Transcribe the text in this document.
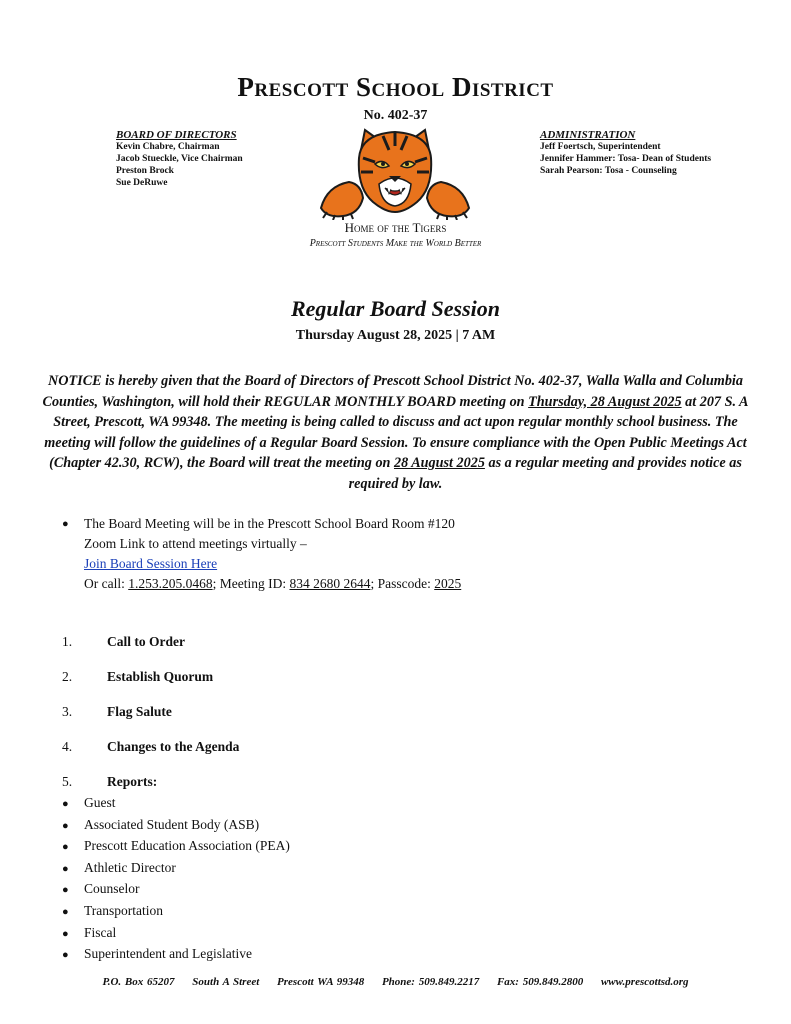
Prescott School District
No. 402-37
BOARD OF DIRECTORS
Kevin Chabre, Chairman
Jacob Stueckle, Vice Chairman
Preston Brock
Sue DeRuwe
ADMINISTRATION
Jeff Foertsch, Superintendent
Jennifer Hammer: Tosa- Dean of Students
Sarah Pearson: Tosa - Counseling
Home of the Tigers
Prescott Students Make the World Better
Regular Board Session
Thursday August 28, 2025 | 7 AM
NOTICE is hereby given that the Board of Directors of Prescott School District No. 402-37, Walla Walla and Columbia Counties, Washington, will hold their REGULAR MONTHLY BOARD meeting on Thursday, 28 August 2025 at 207 S. A Street, Prescott, WA 99348. The meeting is being called to discuss and act upon regular monthly school business. The meeting will follow the guidelines of a Regular Board Session. To ensure compliance with the Open Public Meetings Act (Chapter 42.30, RCW), the Board will treat the meeting on 28 August 2025 as a regular meeting and provides notice as required by law.
● The Board Meeting will be in the Prescott School Board Room #120
Zoom Link to attend meetings virtually –
Join Board Session Here
Or call: 1.253.205.0468; Meeting ID: 834 2680 2644; Passcode: 2025
1.	Call to Order
2.	Establish Quorum
3.	Flag Salute
4.	Changes to the Agenda
5.	Reports:
● Guest
● Associated Student Body (ASB)
● Prescott Education Association (PEA)
● Athletic Director
● Counselor
● Transportation
● Fiscal
● Superintendent and Legislative
P.O. Box 65207 South A Street Prescott WA 99348 Phone: 509.849.2217 Fax: 509.849.2800 www.prescottsd.org
